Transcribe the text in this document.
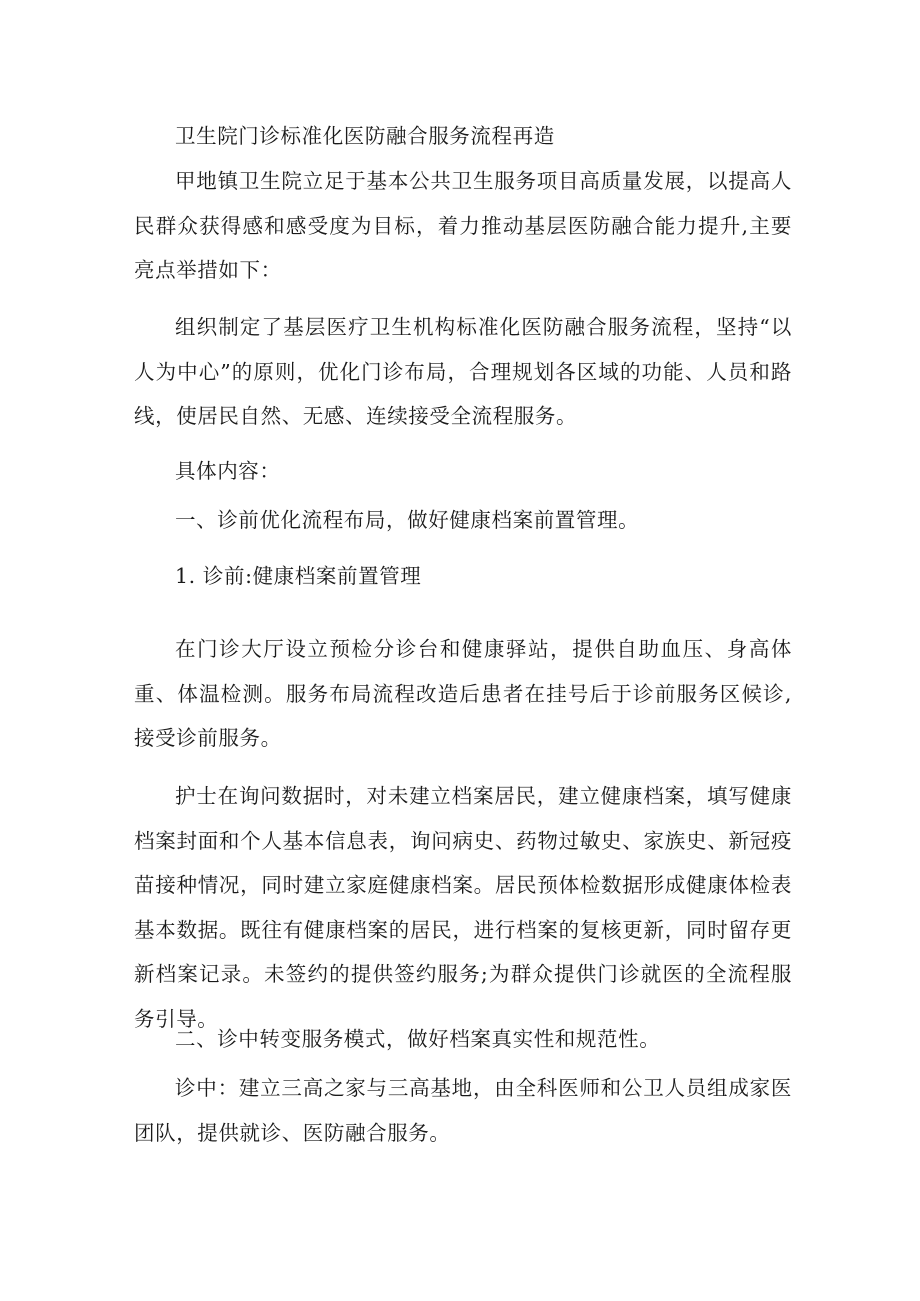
卫生院门诊标准化医防融合服务流程再造

甲地镇卫生院立足于基本公共卫生服务项目高质量发展，以提高人民群众获得感和感受度为目标，着力推动基层医防融合能力提升,主要亮点举措如下：

组织制定了基层医疗卫生机构标准化医防融合服务流程，坚持“以人为中心”的原则，优化门诊布局，合理规划各区域的功能、人员和路线，使居民自然、无感、连续接受全流程服务。

具体内容：

一、诊前优化流程布局，做好健康档案前置管理。

1. 诊前:健康档案前置管理

在门诊大厅设立预检分诊台和健康驿站，提供自助血压、身高体重、体温检测。服务布局流程改造后患者在挂号后于诊前服务区候诊,接受诊前服务。

护士在询问数据时，对未建立档案居民，建立健康档案，填写健康档案封面和个人基本信息表，询问病史、药物过敏史、家族史、新冠疫苗接种情况，同时建立家庭健康档案。居民预体检数据形成健康体检表基本数据。既往有健康档案的居民，进行档案的复核更新，同时留存更新档案记录。未签约的提供签约服务;为群众提供门诊就医的全流程服务引导。

二、诊中转变服务模式，做好档案真实性和规范性。

诊中：建立三高之家与三高基地，由全科医师和公卫人员组成家医团队，提供就诊、医防融合服务。
